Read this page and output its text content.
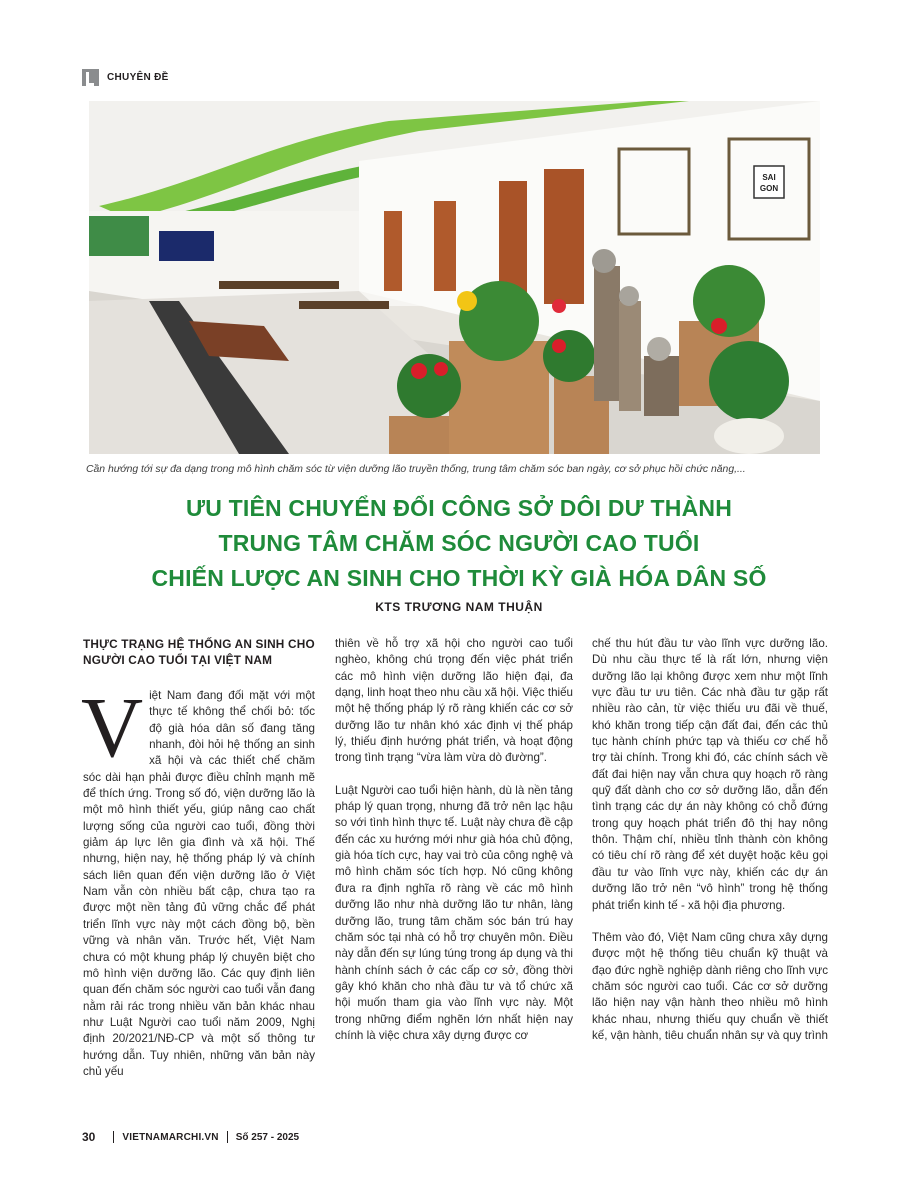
CHUYÊN ĐỀ
SAI
GON
Cần hướng tới sự đa dạng trong mô hình chăm sóc từ viện dưỡng lão truyền thống, trung tâm chăm sóc ban ngày, cơ sở phục hồi chức năng,...
ƯU TIÊN CHUYỂN ĐỔI CÔNG SỞ DÔI DƯ THÀNH
TRUNG TÂM CHĂM SÓC NGƯỜI CAO TUỔI
CHIẾN LƯỢC AN SINH CHO THỜI KỲ GIÀ HÓA DÂN SỐ
KTS TRƯƠNG NAM THUẬN
THỰC TRẠNG HỆ THỐNG AN SINH CHO NGƯỜI CAO TUỔI TẠI VIỆT NAM

Việt Nam đang đối mặt với một thực tế không thể chối bỏ: tốc độ già hóa dân số đang tăng nhanh, đòi hỏi hệ thống an sinh xã hội và các thiết chế chăm sóc dài hạn phải được điều chỉnh mạnh mẽ để thích ứng. Trong số đó, viện dưỡng lão là một mô hình thiết yếu, giúp nâng cao chất lượng sống của người cao tuổi, đồng thời giảm áp lực lên gia đình và xã hội. Thế nhưng, hiện nay, hệ thống pháp lý và chính sách liên quan đến viện dưỡng lão ở Việt Nam vẫn còn nhiều bất cập, chưa tạo ra được một nền tảng đủ vững chắc để phát triển lĩnh vực này một cách đồng bộ, bền vững và nhân văn. Trước hết, Việt Nam chưa có một khung pháp lý chuyên biệt cho mô hình viện dưỡng lão. Các quy định liên quan đến chăm sóc người cao tuổi vẫn đang nằm rải rác trong nhiều văn bản khác nhau như Luật Người cao tuổi năm 2009, Nghị định 20/2021/NĐ-CP và một số thông tư hướng dẫn. Tuy nhiên, những văn bản này chủ yếu

thiên về hỗ trợ xã hội cho người cao tuổi nghèo, không chú trọng đến việc phát triển các mô hình viện dưỡng lão hiện đại, đa dạng, linh hoạt theo nhu cầu xã hội. Việc thiếu một hệ thống pháp lý rõ ràng khiến các cơ sở dưỡng lão tư nhân khó xác định vị thế pháp lý, thiếu định hướng phát triển, và hoạt động trong tình trạng “vừa làm vừa dò đường”.

Luật Người cao tuổi hiện hành, dù là nền tảng pháp lý quan trọng, nhưng đã trở nên lạc hậu so với tình hình thực tế. Luật này chưa đề cập đến các xu hướng mới như già hóa chủ động, già hóa tích cực, hay vai trò của công nghệ và mô hình chăm sóc tích hợp. Nó cũng không đưa ra định nghĩa rõ ràng về các mô hình dưỡng lão như nhà dưỡng lão tư nhân, làng dưỡng lão, trung tâm chăm sóc bán trú hay chăm sóc tại nhà có hỗ trợ chuyên môn. Điều này dẫn đến sự lúng túng trong áp dụng và thi hành chính sách ở các cấp cơ sở, đồng thời gây khó khăn cho nhà đầu tư và tổ chức xã hội muốn tham gia vào lĩnh vực này. Một trong những điểm nghẽn lớn nhất hiện nay chính là việc chưa xây dựng được cơ

chế thu hút đầu tư vào lĩnh vực dưỡng lão. Dù nhu cầu thực tế là rất lớn, nhưng viện dưỡng lão lại không được xem như một lĩnh vực đầu tư ưu tiên. Các nhà đầu tư gặp rất nhiều rào cản, từ việc thiếu ưu đãi về thuế, khó khăn trong tiếp cận đất đai, đến các thủ tục hành chính phức tạp và thiếu cơ chế hỗ trợ tài chính. Trong khi đó, các chính sách về đất đai hiện nay vẫn chưa quy hoạch rõ ràng quỹ đất dành cho cơ sở dưỡng lão, dẫn đến tình trạng các dự án này không có chỗ đứng trong quy hoạch phát triển đô thị hay nông thôn. Thậm chí, nhiều tỉnh thành còn không có tiêu chí rõ ràng để xét duyệt hoặc kêu gọi đầu tư vào lĩnh vực này, khiến các dự án dưỡng lão trở nên “vô hình” trong hệ thống phát triển kinh tế - xã hội địa phương.

Thêm vào đó, Việt Nam cũng chưa xây dựng được một hệ thống tiêu chuẩn kỹ thuật và đạo đức nghề nghiệp dành riêng cho lĩnh vực chăm sóc người cao tuổi. Các cơ sở dưỡng lão hiện nay vận hành theo nhiều mô hình khác nhau, nhưng thiếu quy chuẩn về thiết kế, vận hành, tiêu chuẩn nhân sự và quy trình

30	VIETNAMARCHI.VN Số 257 - 2025
